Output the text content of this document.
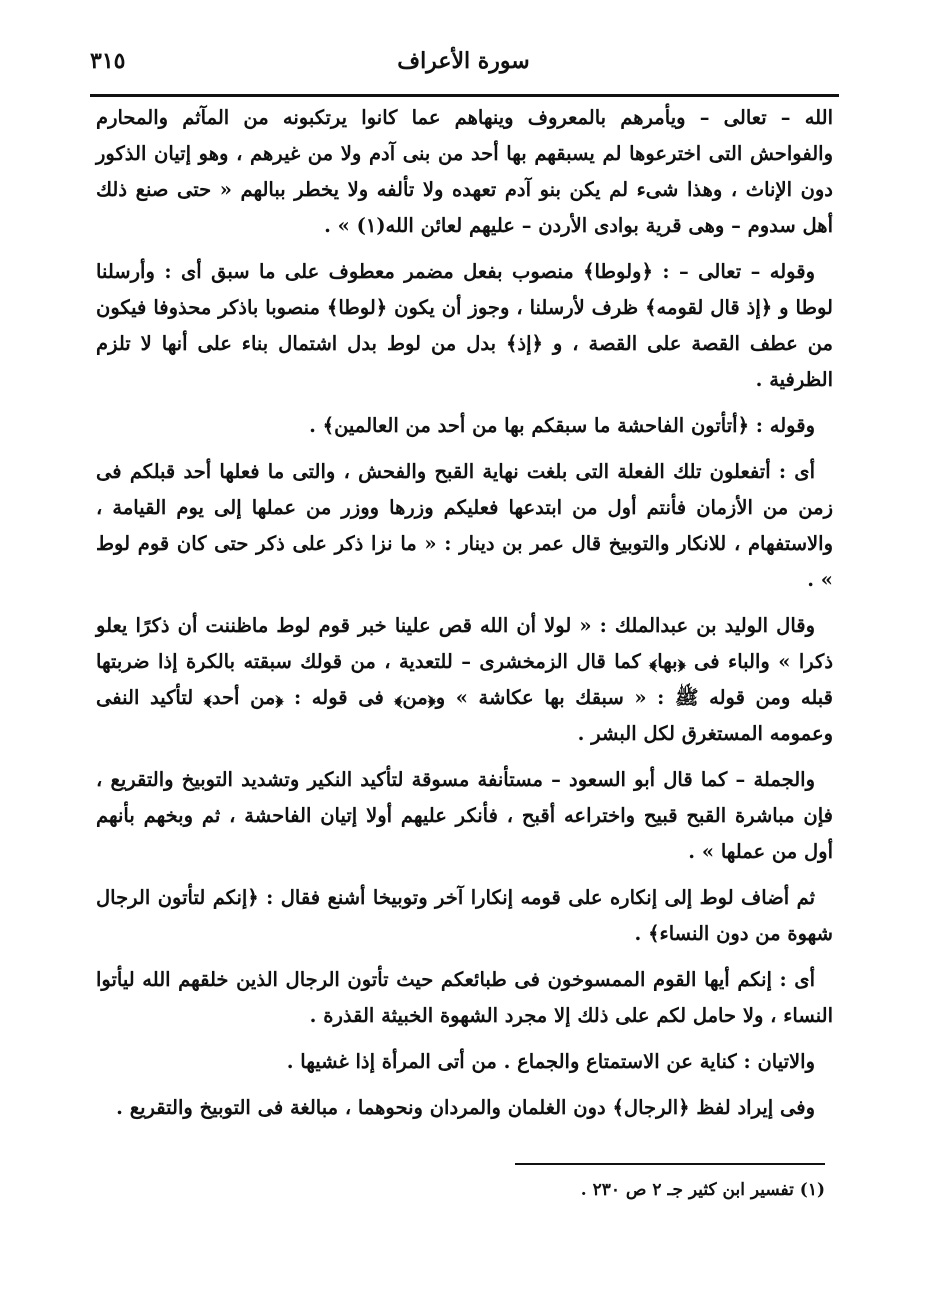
سورة الأعراف
٣١٥

الله – تعالى – ويأمرهم بالمعروف وينهاهم عما كانوا يرتكبونه من المآثم والمحارم والفواحش التى اخترعوها لم يسبقهم بها أحد من بنى آدم ولا من غيرهم ، وهو إتيان الذكور دون الإناث ، وهذا شىء لم يكن بنو آدم تعهده ولا تألفه ولا يخطر ببالهم « حتى صنع ذلك أهل سدوم – وهى قرية بوادى الأردن – عليهم لعائن الله(١) » .

وقوله – تعالى – : ﴿ولوطا﴾ منصوب بفعل مضمر معطوف على ما سبق أى : وأرسلنا لوطا و ﴿إذ قال لقومه﴾ ظرف لأرسلنا ، وجوز أن يكون ﴿لوطا﴾ منصوبا باذكر محذوفا فيكون من عطف القصة على القصة ، و ﴿إذ﴾ بدل من لوط بدل اشتمال بناء على أنها لا تلزم الظرفية .

وقوله : ﴿أتأتون الفاحشة ما سبقكم بها من أحد من العالمين﴾ .

أى : أتفعلون تلك الفعلة التى بلغت نهاية القبح والفحش ، والتى ما فعلها أحد قبلكم فى زمن من الأزمان فأنتم أول من ابتدعها فعليكم وزرها ووزر من عملها إلى يوم القيامة ، والاستفهام ، للانكار والتوبيخ قال عمر بن دينار : « ما نزا ذكر على ذكر حتى كان قوم لوط » .

وقال الوليد بن عبدالملك : « لولا أن الله قص علينا خبر قوم لوط ماظننت أن ذكرًا يعلو ذكرا » والباء فى ﴿بها﴾ كما قال الزمخشرى – للتعدية ، من قولك سبقته بالكرة إذا ضربتها قبله ومن قوله ﷺ : « سبقك بها عكاشة » و﴿من﴾ فى قوله : ﴿من أحد﴾ لتأكيد النفى وعمومه المستغرق لكل البشر .

والجملة – كما قال أبو السعود – مستأنفة مسوقة لتأكيد النكير وتشديد التوبيخ والتقريع ، فإن مباشرة القبح قبيح واختراعه أقبح ، فأنكر عليهم أولا إتيان الفاحشة ، ثم وبخهم بأنهم أول من عملها » .

ثم أضاف لوط إلى إنكاره على قومه إنكارا آخر وتوبيخا أشنع فقال : ﴿إنكم لتأتون الرجال شهوة من دون النساء﴾ .

أى : إنكم أيها القوم الممسوخون فى طبائعكم حيث تأتون الرجال الذين خلقهم الله ليأتوا النساء ، ولا حامل لكم على ذلك إلا مجرد الشهوة الخبيثة القذرة .

والاتيان : كناية عن الاستمتاع والجماع . من أتى المرأة إذا غشيها .

وفى إيراد لفظ ﴿الرجال﴾ دون الغلمان والمردان ونحوهما ، مبالغة فى التوبيخ والتقريع .

(١) تفسير ابن كثير جـ ٢ ص ٢٣٠ .
